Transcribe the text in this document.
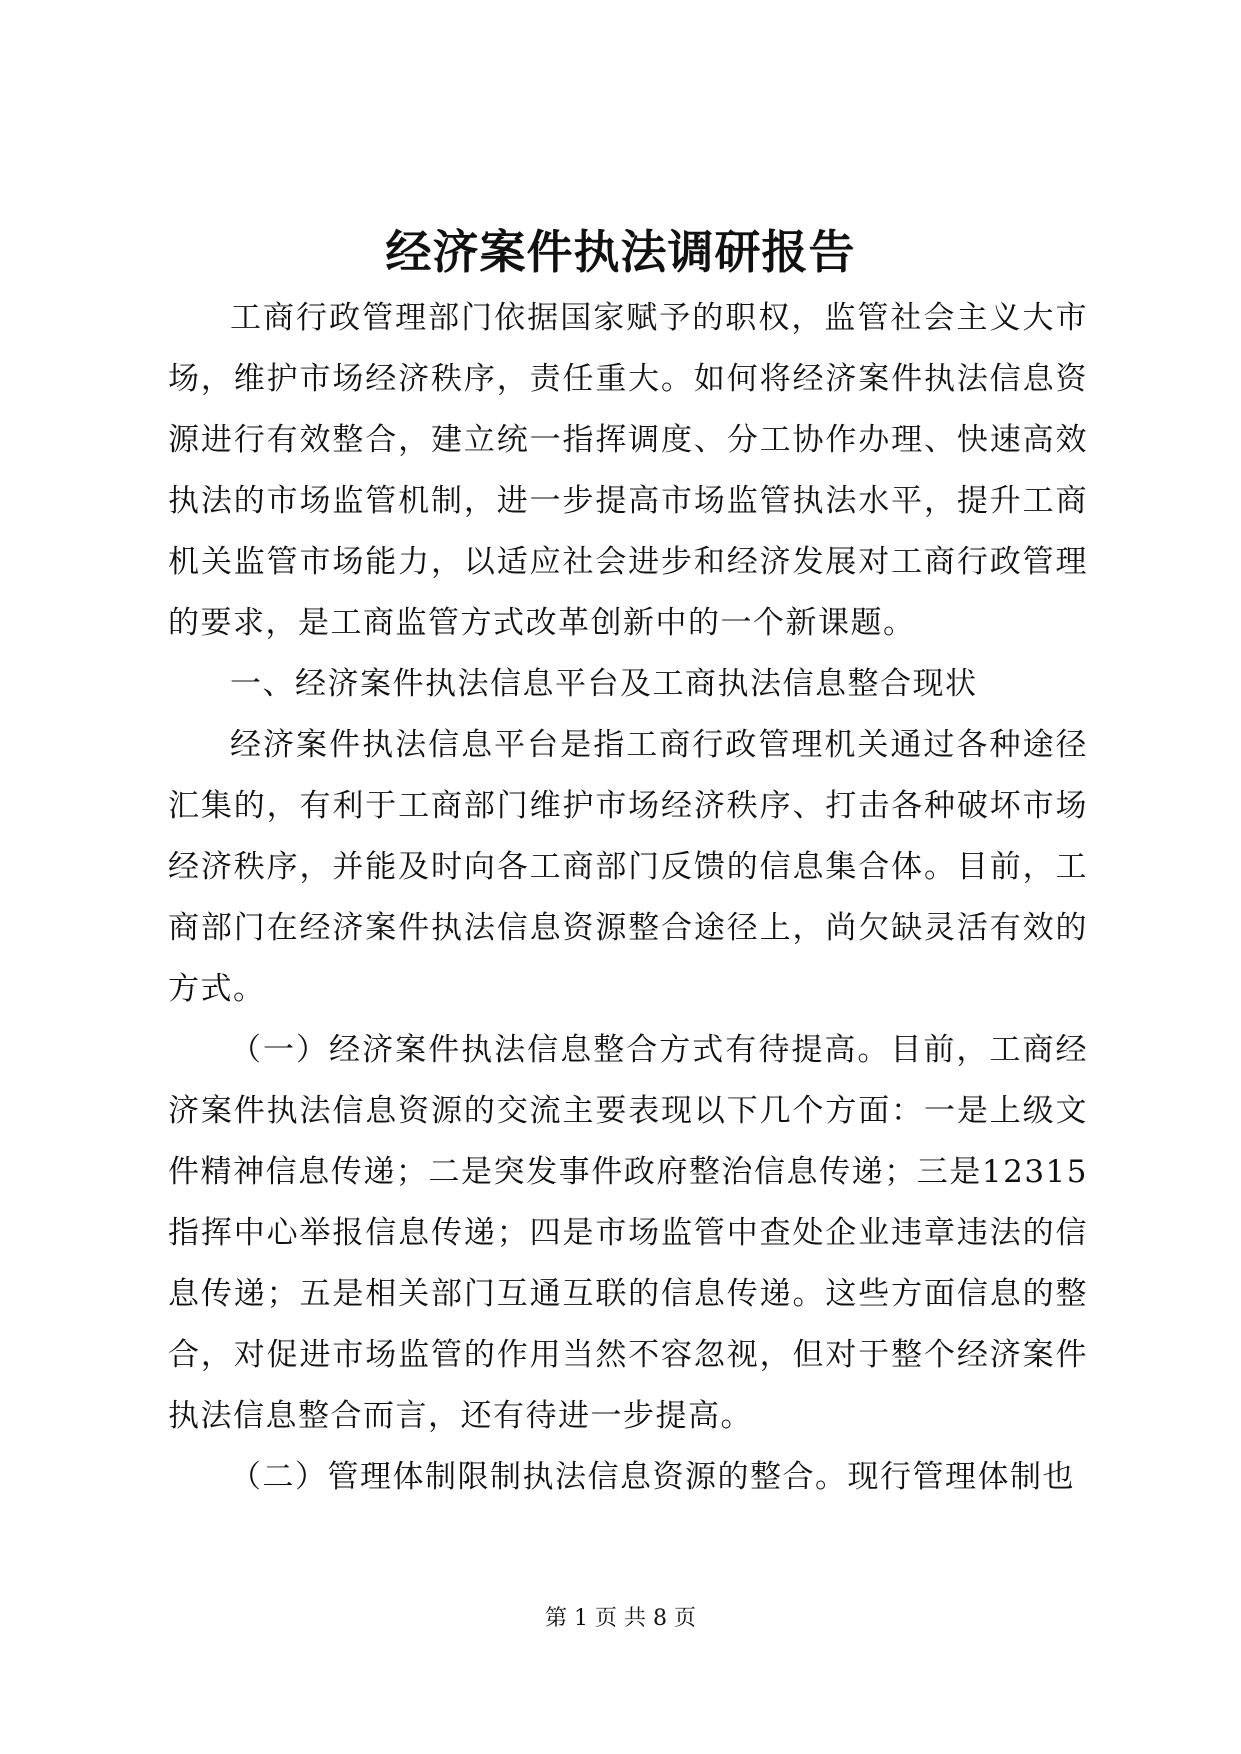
经济案件执法调研报告

工商行政管理部门依据国家赋予的职权，监管社会主义大市场，维护市场经济秩序，责任重大。如何将经济案件执法信息资源进行有效整合，建立统一指挥调度、分工协作办理、快速高效执法的市场监管机制，进一步提高市场监管执法水平，提升工商机关监管市场能力，以适应社会进步和经济发展对工商行政管理的要求，是工商监管方式改革创新中的一个新课题。

一、经济案件执法信息平台及工商执法信息整合现状

经济案件执法信息平台是指工商行政管理机关通过各种途径汇集的，有利于工商部门维护市场经济秩序、打击各种破坏市场经济秩序，并能及时向各工商部门反馈的信息集合体。目前，工商部门在经济案件执法信息资源整合途径上，尚欠缺灵活有效的方式。

（一）经济案件执法信息整合方式有待提高。目前，工商经济案件执法信息资源的交流主要表现以下几个方面：一是上级文件精神信息传递；二是突发事件政府整治信息传递；三是12315指挥中心举报信息传递；四是市场监管中查处企业违章违法的信息传递；五是相关部门互通互联的信息传递。这些方面信息的整合，对促进市场监管的作用当然不容忽视，但对于整个经济案件执法信息整合而言，还有待进一步提高。

（二）管理体制限制执法信息资源的整合。现行管理体制也

第 1 页 共 8 页
